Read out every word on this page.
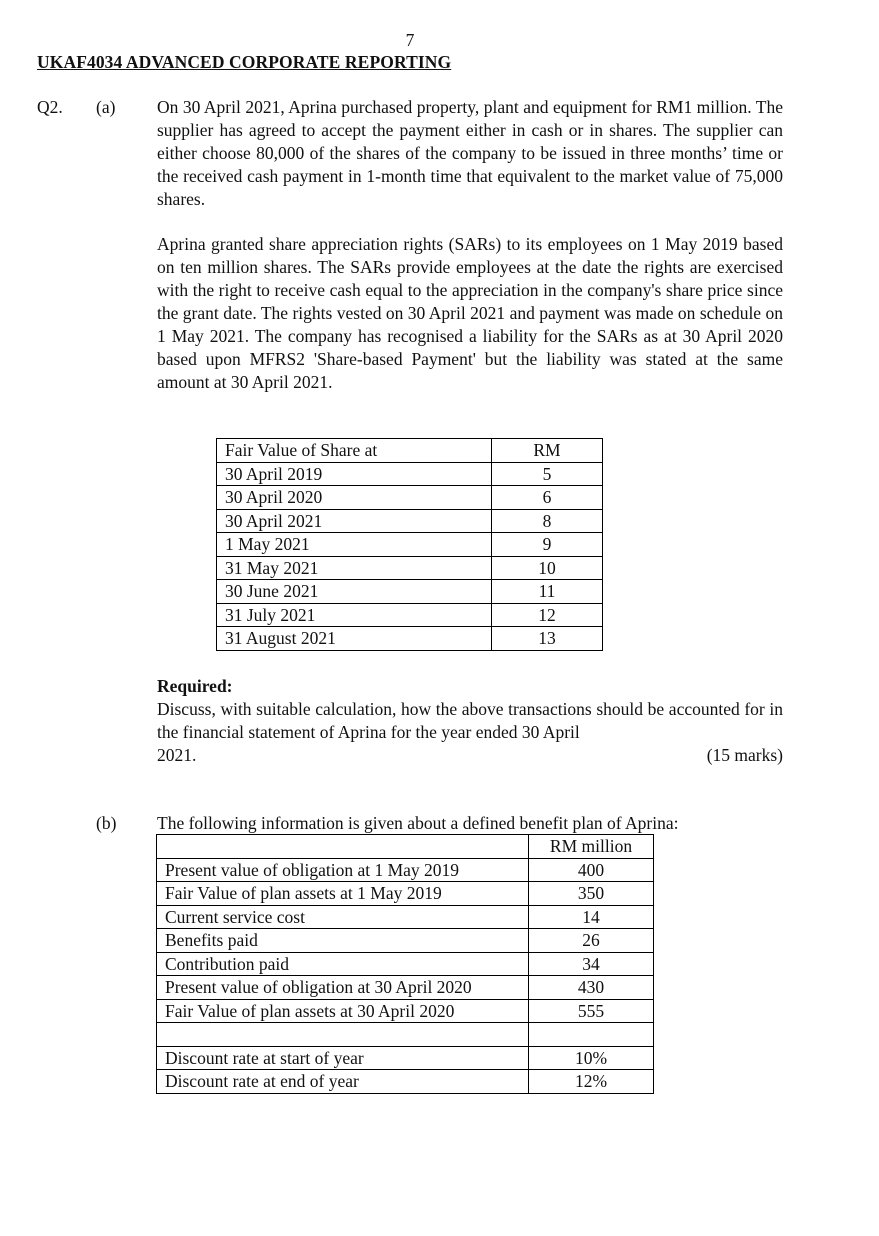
7
UKAF4034 ADVANCED CORPORATE REPORTING
Q2. (a) On 30 April 2021, Aprina purchased property, plant and equipment for RM1 million. The supplier has agreed to accept the payment either in cash or in shares. The supplier can either choose 80,000 of the shares of the company to be issued in three months’ time or the received cash payment in 1-month time that equivalent to the market value of 75,000 shares.

Aprina granted share appreciation rights (SARs) to its employees on 1 May 2019 based on ten million shares. The SARs provide employees at the date the rights are exercised with the right to receive cash equal to the appreciation in the company's share price since the grant date. The rights vested on 30 April 2021 and payment was made on schedule on 1 May 2021. The company has recognised a liability for the SARs as at 30 April 2020 based upon MFRS2 'Share-based Payment' but the liability was stated at the same amount at 30 April 2021.

Fair Value of Share at	RM
30 April 2019	5
30 April 2020	6
30 April 2021	8
1 May 2021	9
31 May 2021	10
30 June 2021	11
31 July 2021	12
31 August 2021	13
Required:
Discuss, with suitable calculation, how the above transactions should be accounted for in the financial statement of Aprina for the year ended 30 April
2021.	(15 marks)
(b) The following information is given about a defined benefit plan of Aprina:
	RM million
Present value of obligation at 1 May 2019	400
Fair Value of plan assets at 1 May 2019	350
Current service cost	14
Benefits paid	26
Contribution paid	34
Present value of obligation at 30 April 2020	430
Fair Value of plan assets at 30 April 2020	555

Discount rate at start of year	10%
Discount rate at end of year	12%
